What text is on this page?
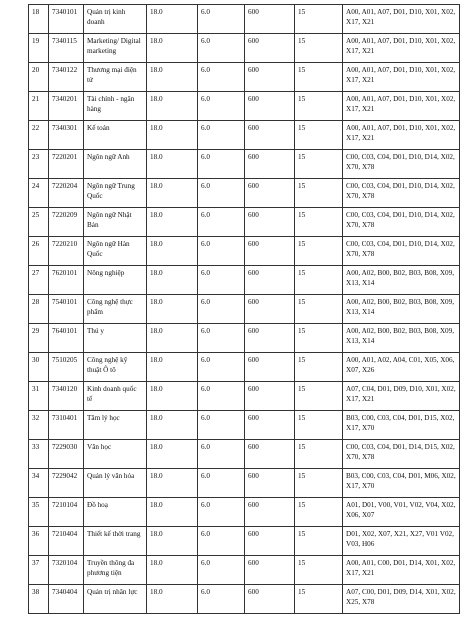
18	7340101	Quản trị kinh doanh	18.0	6.0	600	15	A00, A01, A07, D01, D10, X01, X02, X17, X21
19	7340115	Marketing/ Digital marketing	18.0	6.0	600	15	A00, A01, A07, D01, D10, X01, X02, X17, X21
20	7340122	Thương mại điện tử	18.0	6.0	600	15	A00, A01, A07, D01, D10, X01, X02, X17, X21
21	7340201	Tài chính - ngân hàng	18.0	6.0	600	15	A00, A01, A07, D01, D10, X01, X02, X17, X21
22	7340301	Kế toán	18.0	6.0	600	15	A00, A01, A07, D01, D10, X01, X02, X17, X21
23	7220201	Ngôn ngữ Anh	18.0	6.0	600	15	C00, C03, C04, D01, D10, D14, X02, X70, X78
24	7220204	Ngôn ngữ Trung Quốc	18.0	6.0	600	15	C00, C03, C04, D01, D10, D14, X02, X70, X78
25	7220209	Ngôn ngữ Nhật Bản	18.0	6.0	600	15	C00, C03, C04, D01, D10, D14, X02, X70, X78
26	7220210	Ngôn ngữ Hàn Quốc	18.0	6.0	600	15	C00, C03, C04, D01, D10, D14, X02, X70, X78
27	7620101	Nông nghiệp	18.0	6.0	600	15	A00, A02, B00, B02, B03, B08, X09, X13, X14
28	7540101	Công nghệ thực phẩm	18.0	6.0	600	15	A00, A02, B00, B02, B03, B08, X09, X13, X14
29	7640101	Thú y	18.0	6.0	600	15	A00, A02, B00, B02, B03, B08, X09, X13, X14
30	7510205	Công nghệ kỹ thuật Ô tô	18.0	6.0	600	15	A00, A01, A02, A04, C01, X05, X06, X07, X26
31	7340120	Kinh doanh quốc tế	18.0	6.0	600	15	A07, C04, D01, D09, D10, X01, X02, X17, X21
32	7310401	Tâm lý học	18.0	6.0	600	15	B03, C00, C03, C04, D01, D15, X02, X17, X70
33	7229030	Văn học	18.0	6.0	600	15	C00, C03, C04, D01, D14, D15, X02, X70, X78
34	7229042	Quản lý văn hóa	18.0	6.0	600	15	B03, C00, C03, C04, D01, M06, X02, X17, X70
35	7210104	Đồ hoạ	18.0	6.0	600	15	A01, D01, V00, V01, V02, V04, X02, X06, X07
36	7210404	Thiết kế thời trang	18.0	6.0	600	15	D01, X02, X07, X21, X27, V01 V02, V03, H06
37	7320104	Truyền thông đa phương tiện	18.0	6.0	600	15	A00, A01, C00, D01, D14, X01, X02, X17, X21
38	7340404	Quản trị nhân lực	18.0	6.0	600	15	A07, C00, D01, D09, D14, X01, X02, X25, X78
